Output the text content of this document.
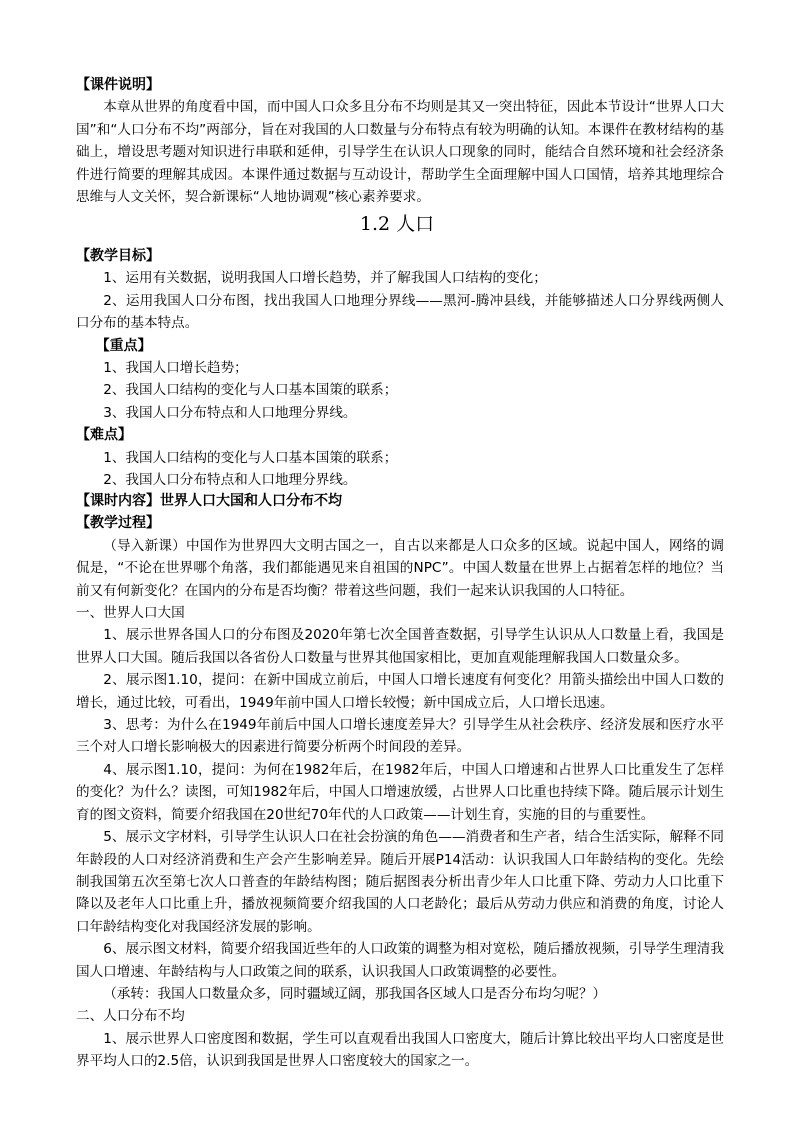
【课件说明】
本章从世界的角度看中国，而中国人口众多且分布不均则是其又一突出特征，因此本节设计“世界人口大国”和“人口分布不均”两部分，旨在对我国的人口数量与分布特点有较为明确的认知。本课件在教材结构的基础上，增设思考题对知识进行串联和延伸，引导学生在认识人口现象的同时，能结合自然环境和社会经济条件进行简要的理解其成因。本课件通过数据与互动设计，帮助学生全面理解中国人口国情，培养其地理综合思维与人文关怀，契合新课标“人地协调观”核心素养要求。
1.2 人口
【教学目标】
1、运用有关数据，说明我国人口增长趋势，并了解我国人口结构的变化；
2、运用我国人口分布图，找出我国人口地理分界线——黑河-腾冲县线，并能够描述人口分界线两侧人口分布的基本特点。
【重点】
1、我国人口增长趋势；
2、我国人口结构的变化与人口基本国策的联系；
3、我国人口分布特点和人口地理分界线。
【难点】
1、我国人口结构的变化与人口基本国策的联系；
2、我国人口分布特点和人口地理分界线。
【课时内容】世界人口大国和人口分布不均
【教学过程】
（导入新课）中国作为世界四大文明古国之一，自古以来都是人口众多的区域。说起中国人，网络的调侃是，“不论在世界哪个角落，我们都能遇见来自祖国的NPC”。中国人数量在世界上占据着怎样的地位？当前又有何新变化？在国内的分布是否均衡？带着这些问题，我们一起来认识我国的人口特征。
一、世界人口大国
1、展示世界各国人口的分布图及2020年第七次全国普查数据，引导学生认识从人口数量上看，我国是世界人口大国。随后我国以各省份人口数量与世界其他国家相比，更加直观能理解我国人口数量众多。
2、展示图1.10，提问：在新中国成立前后，中国人口增长速度有何变化？用箭头描绘出中国人口数的增长，通过比较，可看出，1949年前中国人口增长较慢；新中国成立后，人口增长迅速。
3、思考：为什么在1949年前后中国人口增长速度差异大？引导学生从社会秩序、经济发展和医疗水平三个对人口增长影响极大的因素进行简要分析两个时间段的差异。
4、展示图1.10，提问：为何在1982年后，在1982年后，中国人口增速和占世界人口比重发生了怎样的变化？为什么？读图，可知1982年后，中国人口增速放缓，占世界人口比重也持续下降。随后展示计划生育的图文资料，简要介绍我国在20世纪70年代的人口政策——计划生育，实施的目的与重要性。
5、展示文字材料，引导学生认识人口在社会扮演的角色——消费者和生产者，结合生活实际，解释不同年龄段的人口对经济消费和生产会产生影响差异。随后开展P14活动：认识我国人口年龄结构的变化。先绘制我国第五次至第七次人口普查的年龄结构图；随后据图表分析出青少年人口比重下降、劳动力人口比重下降以及老年人口比重上升，播放视频简要介绍我国的人口老龄化；最后从劳动力供应和消费的角度，讨论人口年龄结构变化对我国经济发展的影响。
6、展示图文材料，简要介绍我国近些年的人口政策的调整为相对宽松，随后播放视频，引导学生理清我国人口增速、年龄结构与人口政策之间的联系，认识我国人口政策调整的必要性。
（承转：我国人口数量众多，同时疆域辽阔，那我国各区域人口是否分布均匀呢？）
二、人口分布不均
1、展示世界人口密度图和数据，学生可以直观看出我国人口密度大，随后计算比较出平均人口密度是世界平均人口的2.5倍，认识到我国是世界人口密度较大的国家之一。
